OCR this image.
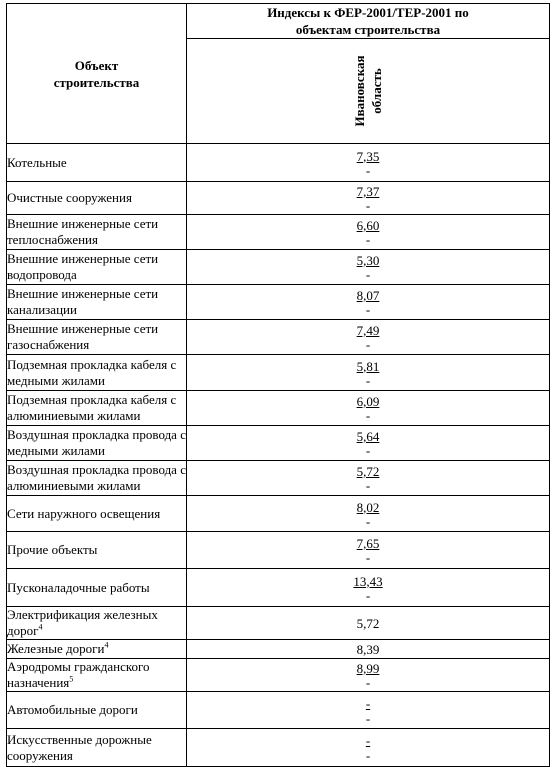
Объект строительства	Индексы к ФЕР-2001/ТЕР-2001 по объектам строительства

	Ивановская область

Котельные	7,35
-

Очистные сооружения	7,37
-

Внешние инженерные сети теплоснабжения	6,60
-

Внешние инженерные сети водопровода	5,30
-

Внешние инженерные сети канализации	8,07
-

Внешние инженерные сети газоснабжения	7,49
-

Подземная прокладка кабеля с медными жилами	5,81
-

Подземная прокладка кабеля с алюминиевыми жилами	6,09
-

Воздушная прокладка провода с медными жилами	5,64
-

Воздушная прокладка провода с алюминиевыми жилами	5,72
-

Сети наружного освещения	8,02
-

Прочие объекты	7,65
-

Пусконаладочные работы	13,43
-

Электрификация железных дорог$^4$	5,72

Железные дороги$^4$	8,39

Аэродромы гражданского назначения$^5$	8,99
-

Автомобильные дороги	-
-

Искусственные дорожные сооружения	-
-
